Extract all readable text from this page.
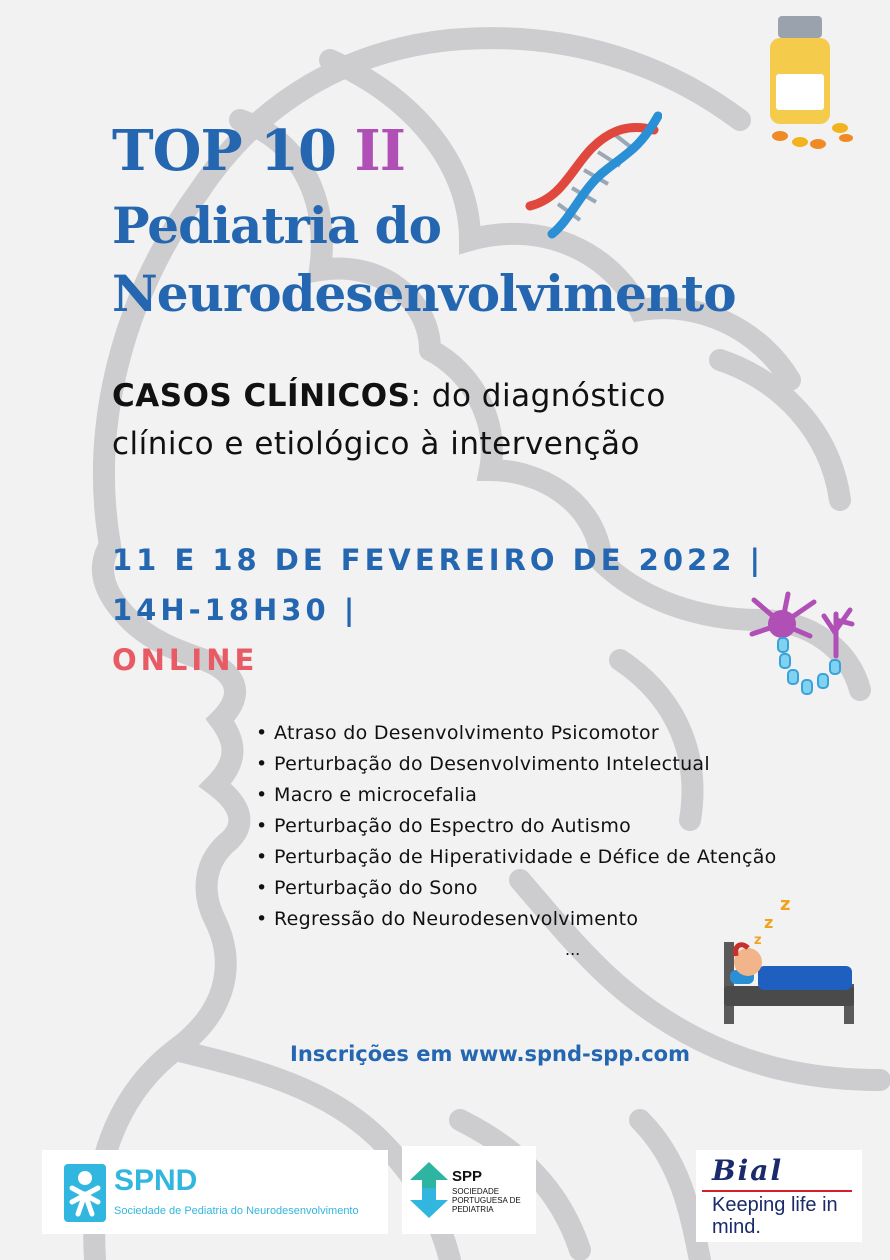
z
z
z
TOP 10 II
Pediatria do
Neurodesenvolvimento

CASOS CLÍNICOS: do diagnóstico
clínico e etiológico à intervenção

11 E 18 DE FEVEREIRO DE 2022 |
14H-18H30 |
ONLINE
• Atraso do Desenvolvimento Psicomotor
• Perturbação do Desenvolvimento Intelectual
• Macro e microcefalia
• Perturbação do Espectro do Autismo
• Perturbação de Hiperatividade e Défice de Atenção
• Perturbação do Sono
• Regressão do Neurodesenvolvimento
...
Inscrições em www.spnd-spp.com
SPND
Sociedade de Pediatria do Neurodesenvolvimento
SPP
SOCIEDADE PORTUGUESA DE PEDIATRIA
Bial
Keeping life in mind.
